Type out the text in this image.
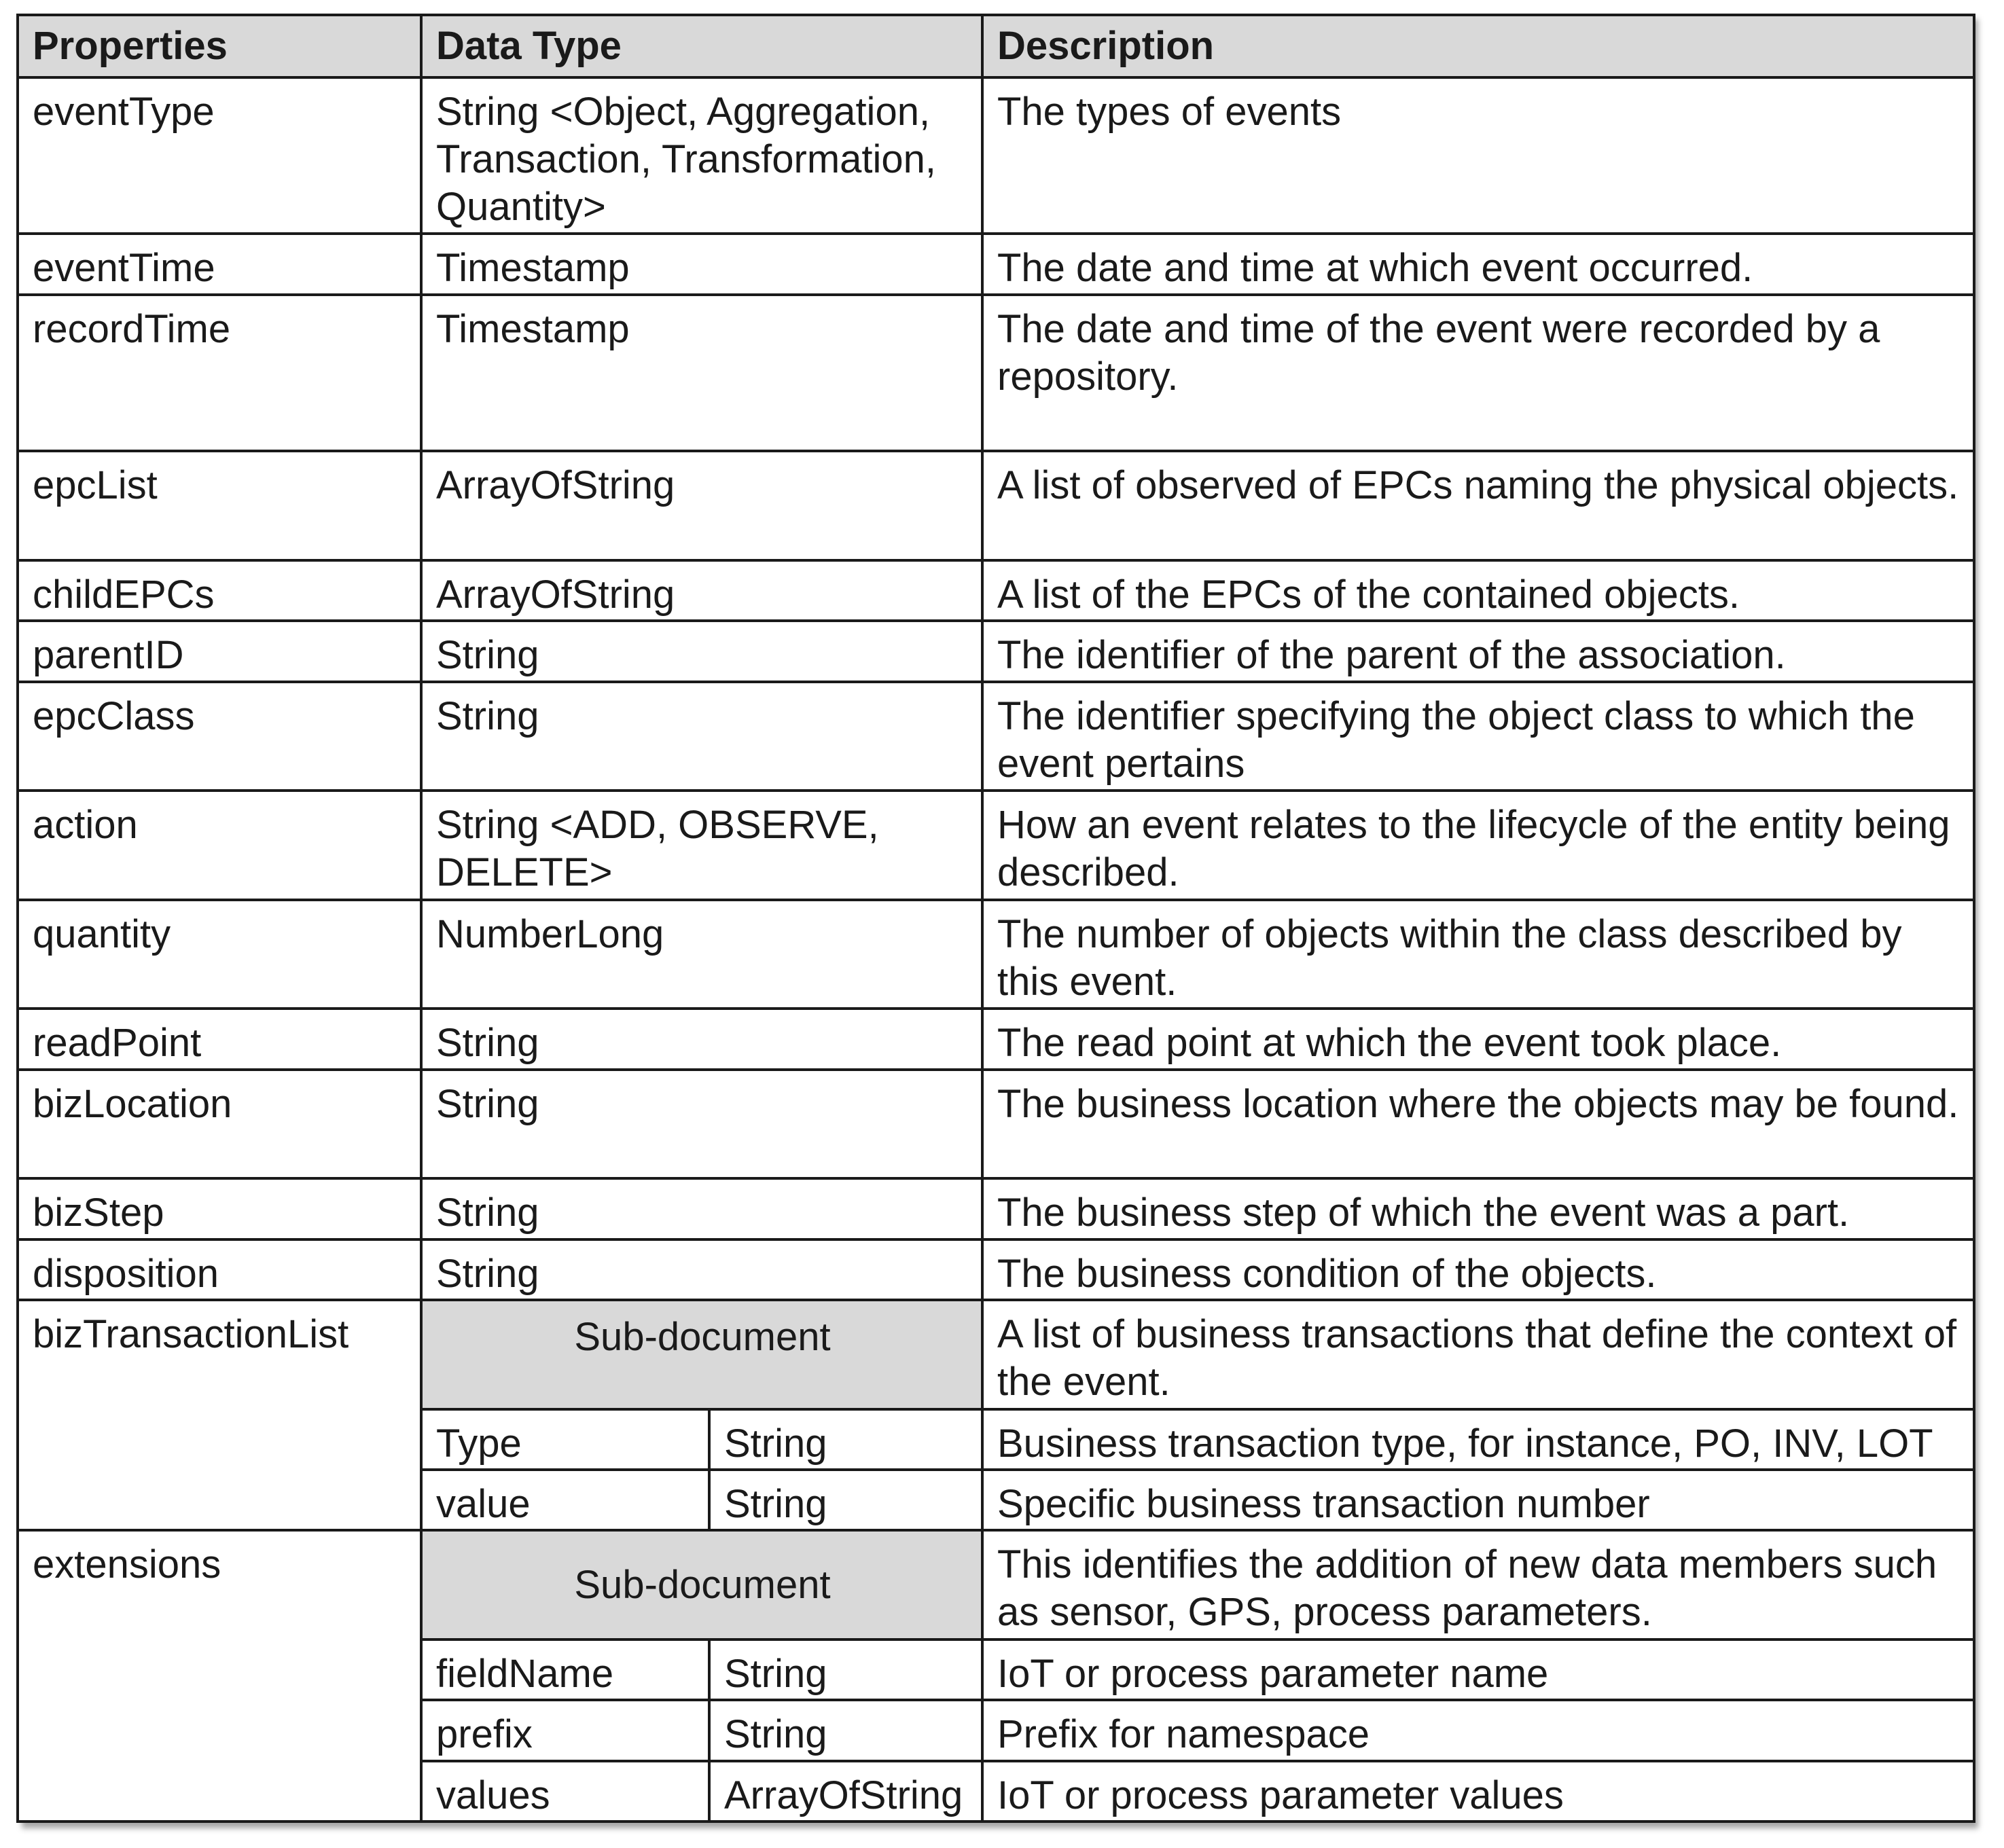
Properties	Data Type		Description
eventType	String <Object, Aggregation, Transaction, Transformation, Quantity>		The types of events
eventTime	Timestamp		The date and time at which event occurred.
recordTime	Timestamp		The date and time of the event were recorded by a repository.
epcList	ArrayOfString		A list of observed of EPCs naming the physical objects.
childEPCs	ArrayOfString		A list of the EPCs of the contained objects.
parentID	String		The identifier of the parent of the association.
epcClass	String		The identifier specifying the object class to which the event pertains
action	String <ADD, OBSERVE, DELETE>		How an event relates to the lifecycle of the entity being described.
quantity	NumberLong		The number of objects within the class described by this event.
readPoint	String		The read point at which the event took place.
bizLocation	String		The business location where the objects may be found.
bizStep	String		The business step of which the event was a part.
disposition	String		The business condition of the objects.
bizTransactionList	Sub-document		A list of business transactions that define the context of the event.
	Type	String	Business transaction type, for instance, PO, INV, LOT
	value	String	Specific business transaction number
extensions	Sub-document		This identifies the addition of new data members such as sensor, GPS, process parameters.
	fieldName	String	IoT or process parameter name
	prefix	String	Prefix for namespace
	values	ArrayOfString	IoT or process parameter values
